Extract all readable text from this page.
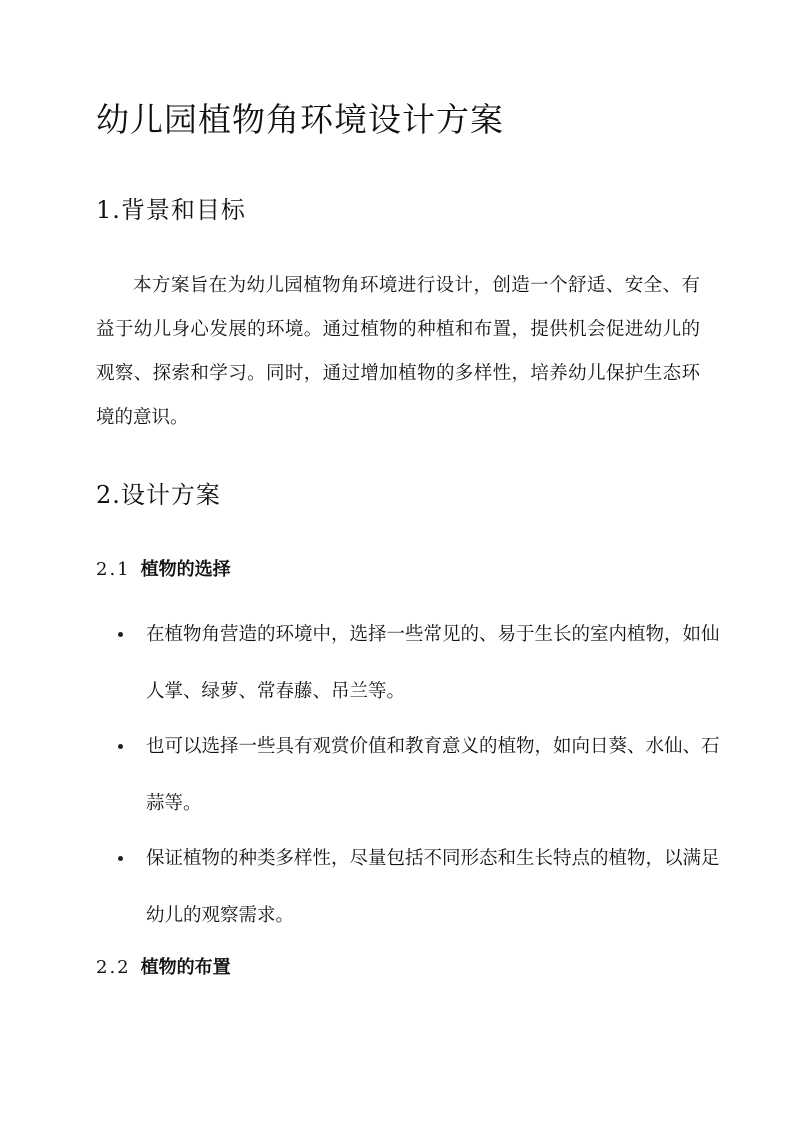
幼儿园植物角环境设计方案
1.背景和目标

本方案旨在为幼儿园植物角环境进行设计，创造一个舒适、安全、有益于幼儿身心发展的环境。通过植物的种植和布置，提供机会促进幼儿的观察、探索和学习。同时，通过增加植物的多样性，培养幼儿保护生态环境的意识。

2.设计方案
2.1 植物的选择
在植物角营造的环境中，选择一些常见的、易于生长的室内植物，如仙人掌、绿萝、常春藤、吊兰等。
也可以选择一些具有观赏价值和教育意义的植物，如向日葵、水仙、石蒜等。
保证植物的种类多样性，尽量包括不同形态和生长特点的植物，以满足幼儿的观察需求。
2.2 植物的布置
